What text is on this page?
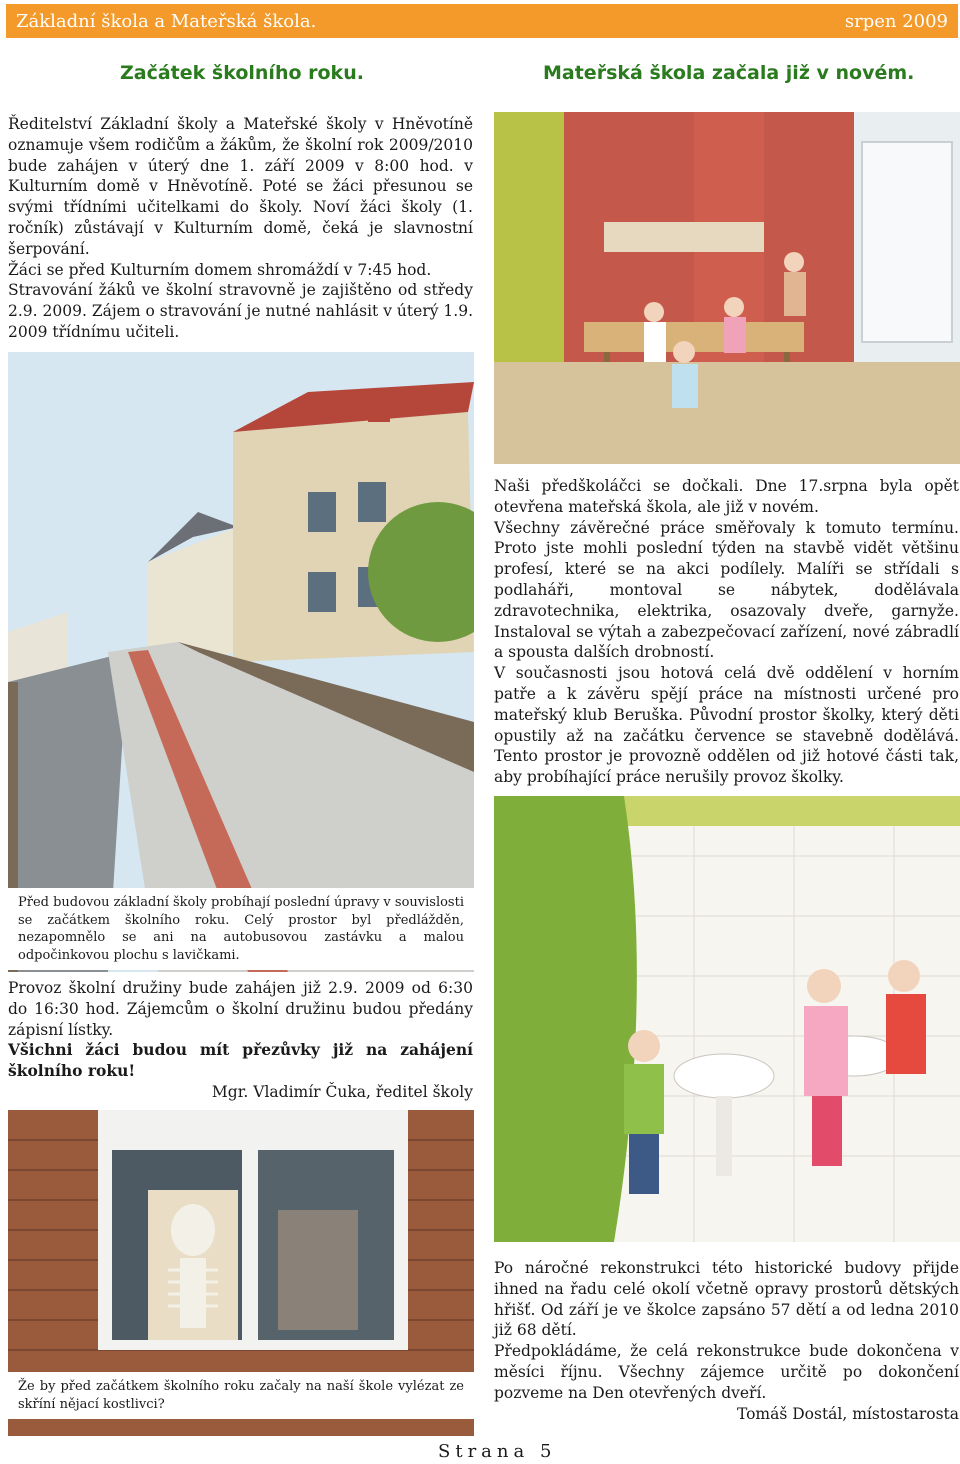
Základní škola a Mateřská škola.	srpen 2009
Začátek školního roku.	Mateřská škola začala již v novém.

Ředitelství Základní školy a Mateřské školy v Hněvotíně oznamuje všem rodičům a žákům, že školní rok 2009/2010 bude zahájen v úterý dne 1. září 2009 v 8:00 hod. v Kulturním domě v Hněvotíně. Poté se žáci přesunou se svými třídními učitelkami do školy. Noví žáci školy (1. ročník) zůstávají v Kulturním domě, čeká je slavnostní šerpování.

Žáci se před Kulturním domem shromáždí v 7:45 hod.

Stravování žáků ve školní stravovně je zajištěno od středy 2.9. 2009. Zájem o stravování je nutné nahlásit v úterý 1.9. 2009 třídnímu učiteli.

Naši předškoláčci se dočkali. Dne 17.srpna byla opět otevřena mateřská škola, ale již v novém.

Všechny závěrečné práce směřovaly k tomuto termínu. Proto jste mohli poslední týden na stavbě vidět většinu profesí, které se na akci podílely. Malíři se střídali s podlaháři, montoval se nábytek, dodělávala zdravotechnika, elektrika, osazovaly dveře, garnyže. Instaloval se výtah a zabezpečovací zařízení, nové zábradlí a spousta dalších drobností.

V současnosti jsou hotová celá dvě oddělení v horním patře a k závěru spějí práce na místnosti určené pro mateřský klub Beruška. Původní prostor školky, který děti opustily až na začátku července se stavebně dodělává. Tento prostor je provozně oddělen od již hotové části tak, aby probíhající práce nerušily provoz školky.

Před budovou základní školy probíhají poslední úpravy v souvislosti se začátkem školního roku. Celý prostor byl předlážděn, nezapomnělo se ani na autobusovou zastávku a malou odpočinkovou plochu s lavičkami.

Provoz školní družiny bude zahájen již 2.9. 2009 od 6:30 do 16:30 hod. Zájemcům o školní družinu budou předány zápisní lístky.

Všichni žáci budou mít přezůvky již na zahájení školního roku!

Mgr. Vladimír Čuka, ředitel školy

Že by před začátkem školního roku začaly na naší škole vylézat ze skříní nějací kostlivci?

Po náročné rekonstrukci této historické budovy přijde ihned na řadu celé okolí včetně opravy prostorů dětských hřišť. Od září je ve školce zapsáno 57 dětí a od ledna 2010 již 68 dětí.

Předpokládáme, že celá rekonstrukce bude dokončena v měsíci říjnu. Všechny zájemce určitě po dokončení pozveme na Den otevřených dveří.

Tomáš Dostál, místostarosta

Strana 5
